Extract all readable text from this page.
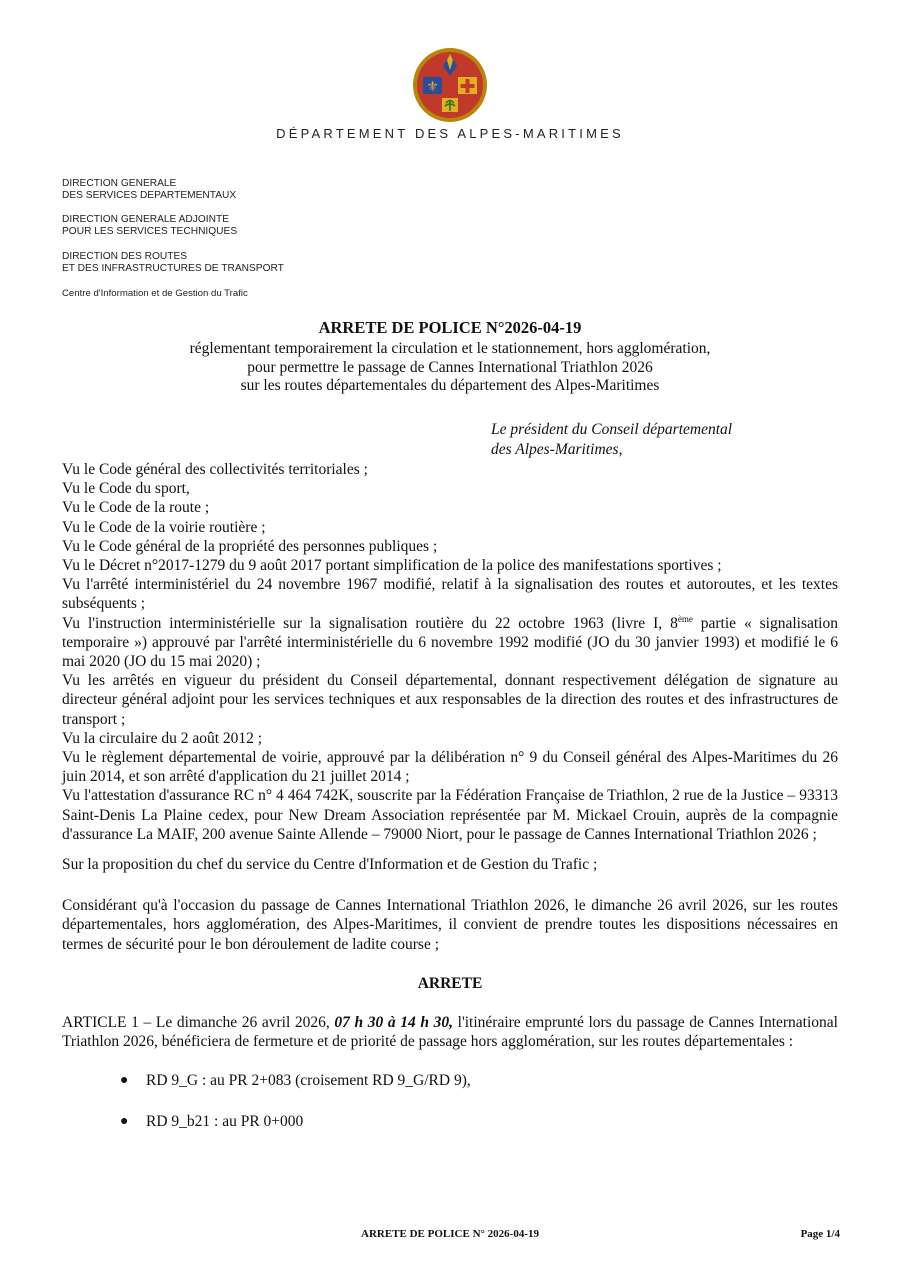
⚜
DÉPARTEMENT DES ALPES-MARITIMES
DIRECTION GENERALE
DES SERVICES DEPARTEMENTAUX
DIRECTION GENERALE ADJOINTE
POUR LES SERVICES TECHNIQUES
DIRECTION DES ROUTES
ET DES INFRASTRUCTURES DE TRANSPORT
Centre d'Information et de Gestion du Trafic
ARRETE DE POLICE N°2026-04-19
réglementant temporairement la circulation et le stationnement, hors agglomération,
pour permettre le passage de Cannes International Triathlon 2026
sur les routes départementales du département des Alpes-Maritimes
Le président du Conseil départemental
des Alpes-Maritimes,

Vu le Code général des collectivités territoriales ;

Vu le Code du sport,

Vu le Code de la route ;

Vu le Code de la voirie routière ;

Vu le Code général de la propriété des personnes publiques ;

Vu le Décret n°2017-1279 du 9 août 2017 portant simplification de la police des manifestations sportives ;

Vu l'arrêté interministériel du 24 novembre 1967 modifié, relatif à la signalisation des routes et autoroutes, et les textes subséquents ;

Vu l'instruction interministérielle sur la signalisation routière du 22 octobre 1963 (livre I, 8ème partie « signalisation temporaire ») approuvé par l'arrêté interministérielle du 6 novembre 1992 modifié (JO du 30 janvier 1993) et modifié le 6 mai 2020 (JO du 15 mai 2020) ;

Vu les arrêtés en vigueur du président du Conseil départemental, donnant respectivement délégation de signature au directeur général adjoint pour les services techniques et aux responsables de la direction des routes et des infrastructures de transport ;

Vu la circulaire du 2 août 2012 ;

Vu le règlement départemental de voirie, approuvé par la délibération n° 9 du Conseil général des Alpes-Maritimes du 26 juin 2014, et son arrêté d'application du 21 juillet 2014 ;

Vu l'attestation d'assurance RC n° 4 464 742K, souscrite par la Fédération Française de Triathlon, 2 rue de la Justice – 93313 Saint-Denis La Plaine cedex, pour New Dream Association représentée par M. Mickael Crouin, auprès de la compagnie d'assurance La MAIF, 200 avenue Sainte Allende – 79000 Niort, pour le passage de Cannes International Triathlon 2026 ;

Sur la proposition du chef du service du Centre d'Information et de Gestion du Trafic ;

Considérant qu'à l'occasion du passage de Cannes International Triathlon 2026, le dimanche 26 avril 2026, sur les routes départementales, hors agglomération, des Alpes-Maritimes, il convient de prendre toutes les dispositions nécessaires en termes de sécurité pour le bon déroulement de ladite course ;

ARRETE

ARTICLE 1 – Le dimanche 26 avril 2026, 07 h 30 à 14 h 30, l'itinéraire emprunté lors du passage de Cannes International Triathlon 2026, bénéficiera de fermeture et de priorité de passage hors agglomération, sur les routes départementales :

● RD 9_G : au PR 2+083 (croisement RD 9_G/RD 9),
● RD 9_b21 : au PR 0+000
ARRETE DE POLICE N° 2026-04-19	Page 1/4
